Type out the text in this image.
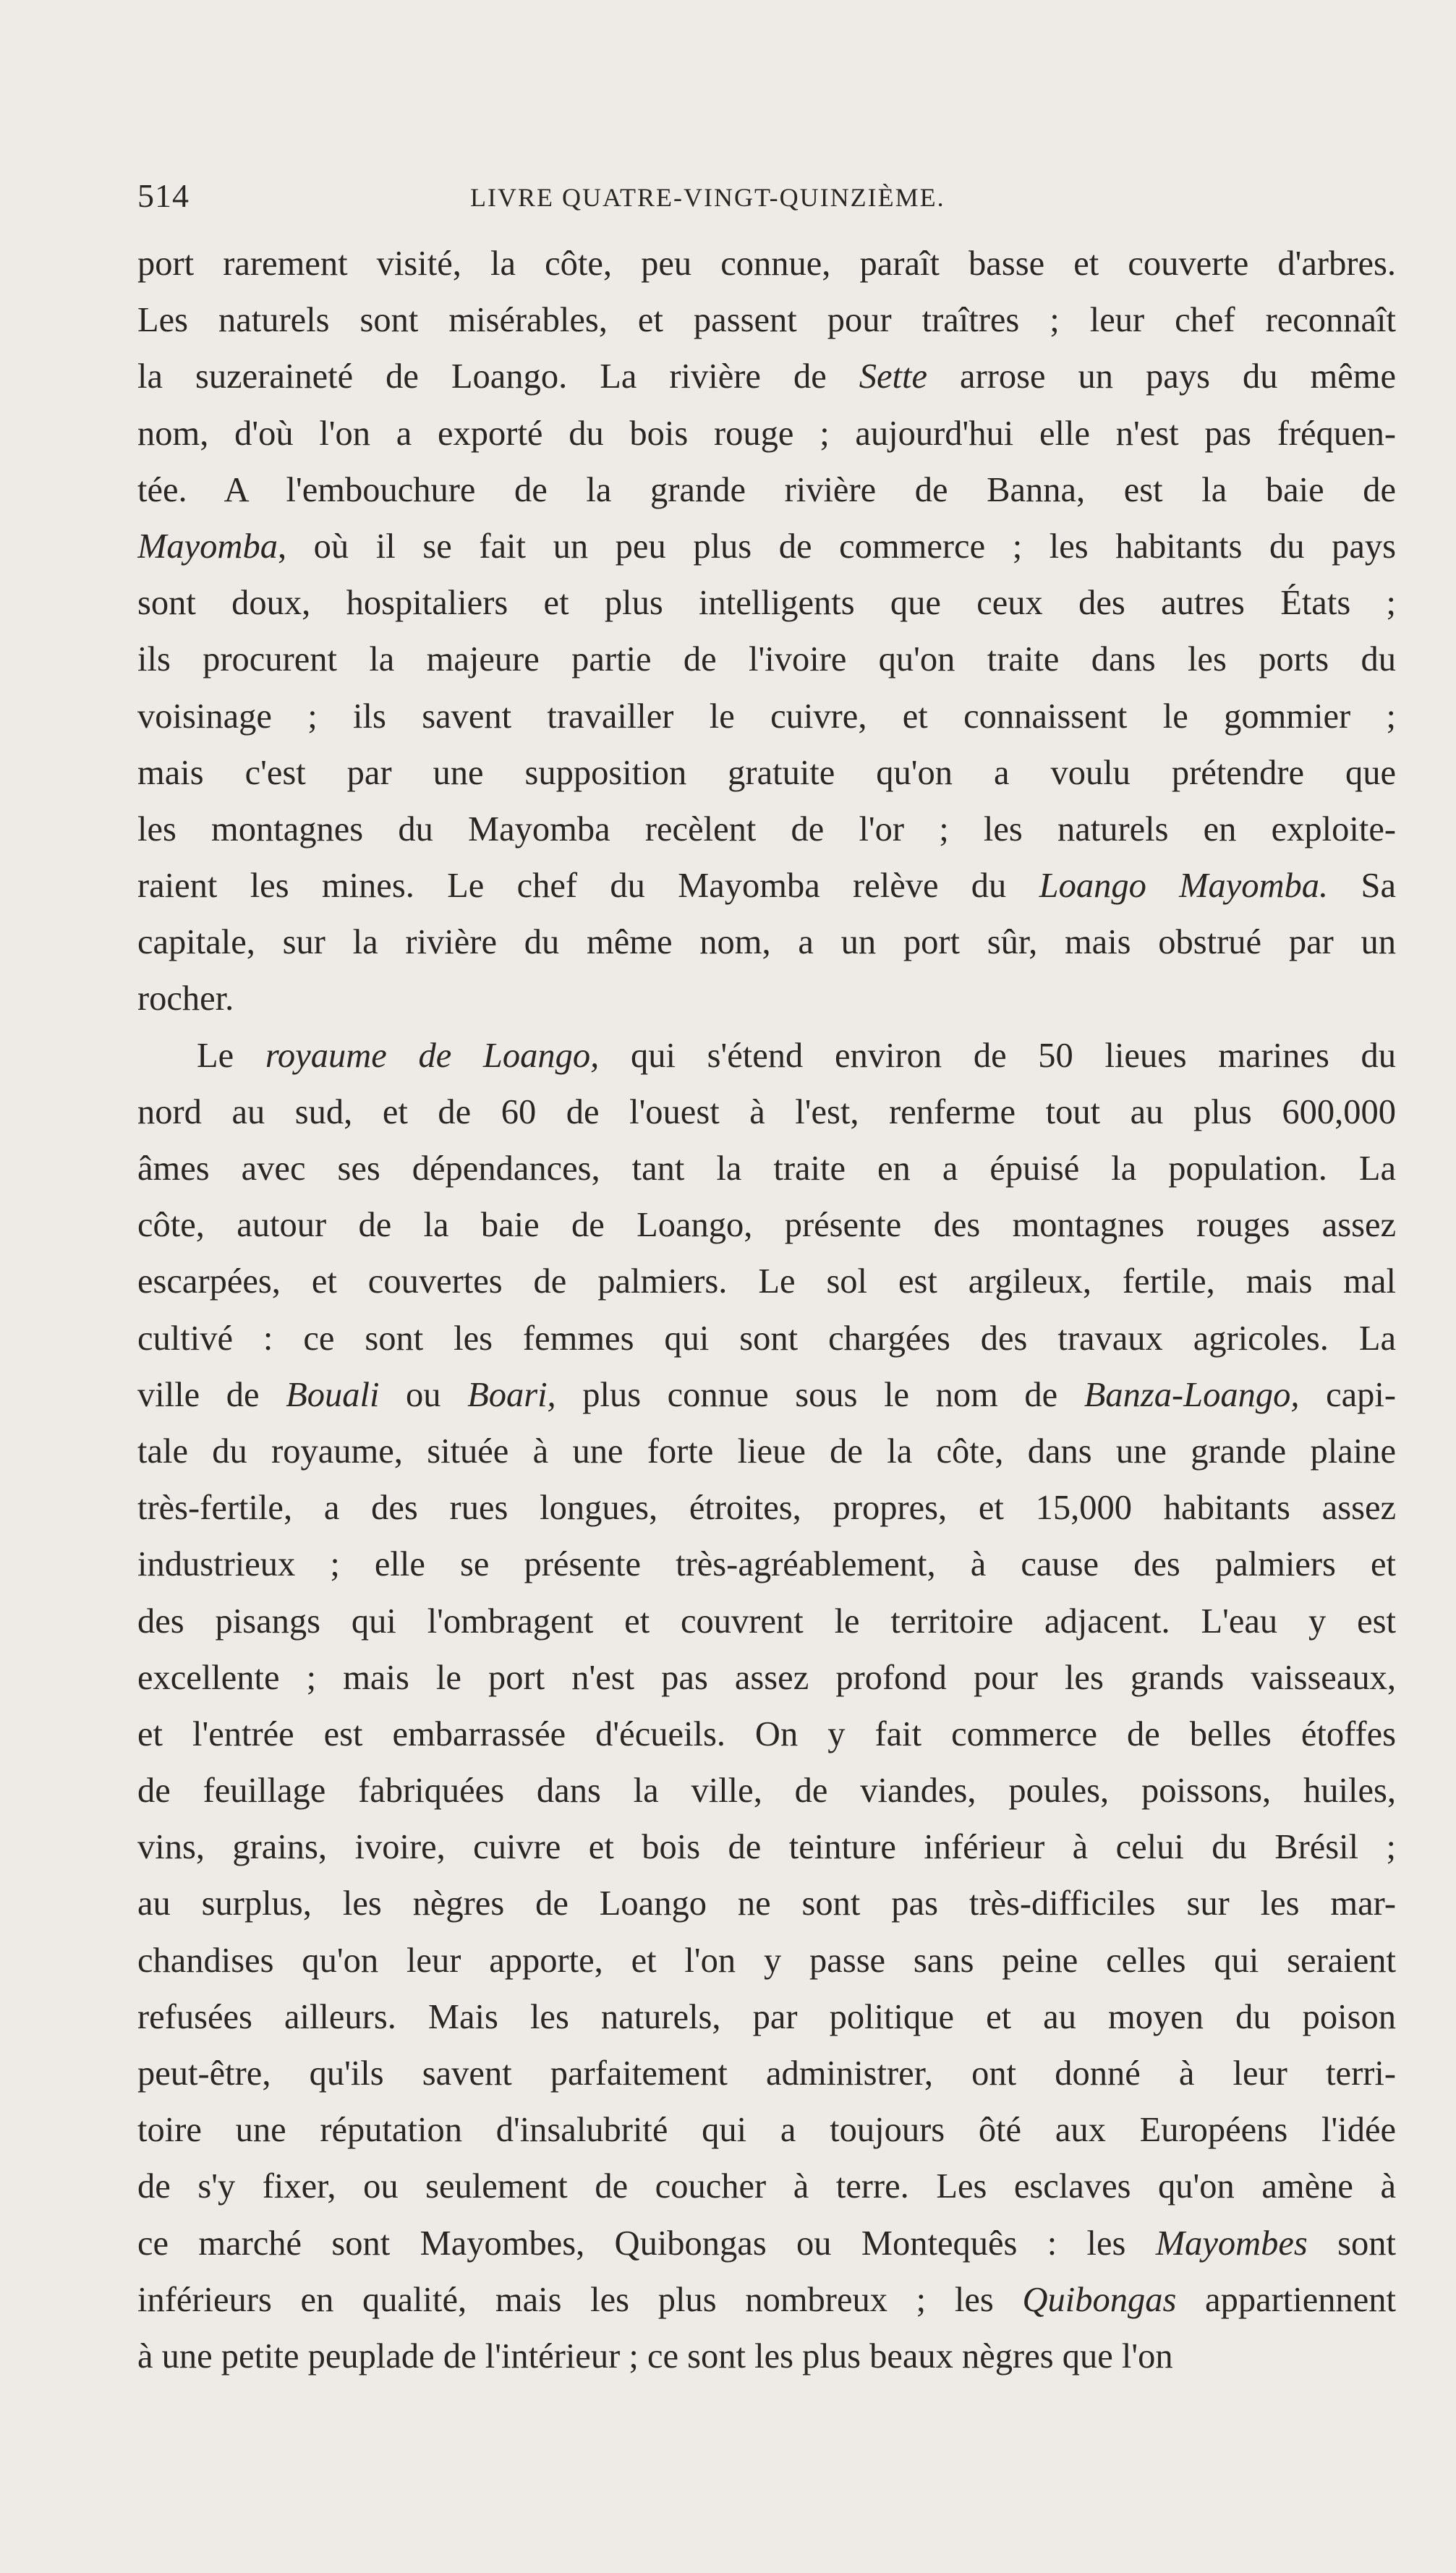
514	LIVRE QUATRE-VINGT-QUINZIÈME.
port rarement visité, la côte, peu connue, paraît basse et couverte d'arbres.
Les naturels sont misérables, et passent pour traîtres ; leur chef reconnaît
la suzeraineté de Loango. La rivière de Sette arrose un pays du même
nom, d'où l'on a exporté du bois rouge ; aujourd'hui elle n'est pas fréquen-
tée. A l'embouchure de la grande rivière de Banna, est la baie de
Mayomba, où il se fait un peu plus de commerce ; les habitants du pays
sont doux, hospitaliers et plus intelligents que ceux des autres États ;
ils procurent la majeure partie de l'ivoire qu'on traite dans les ports du
voisinage ; ils savent travailler le cuivre, et connaissent le gommier ;
mais c'est par une supposition gratuite qu'on a voulu prétendre que
les montagnes du Mayomba recèlent de l'or ; les naturels en exploite-
raient les mines. Le chef du Mayomba relève du Loango Mayomba. Sa
capitale, sur la rivière du même nom, a un port sûr, mais obstrué par un
rocher.
Le royaume de Loango, qui s'étend environ de 50 lieues marines du
nord au sud, et de 60 de l'ouest à l'est, renferme tout au plus 600,000
âmes avec ses dépendances, tant la traite en a épuisé la population. La
côte, autour de la baie de Loango, présente des montagnes rouges assez
escarpées, et couvertes de palmiers. Le sol est argileux, fertile, mais mal
cultivé : ce sont les femmes qui sont chargées des travaux agricoles. La
ville de Bouali ou Boari, plus connue sous le nom de Banza-Loango, capi-
tale du royaume, située à une forte lieue de la côte, dans une grande plaine
très-fertile, a des rues longues, étroites, propres, et 15,000 habitants assez
industrieux ; elle se présente très-agréablement, à cause des palmiers et
des pisangs qui l'ombragent et couvrent le territoire adjacent. L'eau y est
excellente ; mais le port n'est pas assez profond pour les grands vaisseaux,
et l'entrée est embarrassée d'écueils. On y fait commerce de belles étoffes
de feuillage fabriquées dans la ville, de viandes, poules, poissons, huiles,
vins, grains, ivoire, cuivre et bois de teinture inférieur à celui du Brésil ;
au surplus, les nègres de Loango ne sont pas très-difficiles sur les mar-
chandises qu'on leur apporte, et l'on y passe sans peine celles qui seraient
refusées ailleurs. Mais les naturels, par politique et au moyen du poison
peut-être, qu'ils savent parfaitement administrer, ont donné à leur terri-
toire une réputation d'insalubrité qui a toujours ôté aux Européens l'idée
de s'y fixer, ou seulement de coucher à terre. Les esclaves qu'on amène à
ce marché sont Mayombes, Quibongas ou Montequês : les Mayombes sont
inférieurs en qualité, mais les plus nombreux ; les Quibongas appartiennent
à une petite peuplade de l'intérieur ; ce sont les plus beaux nègres que l'on
